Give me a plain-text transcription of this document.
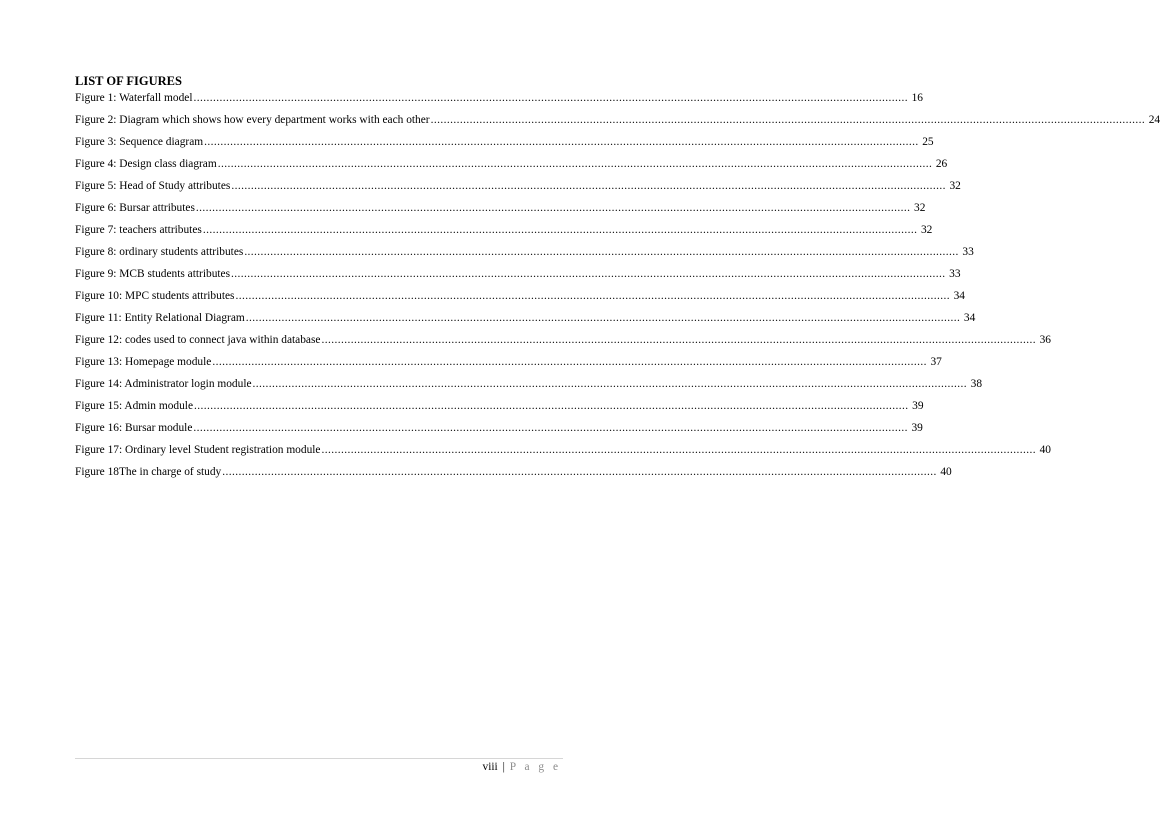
LIST OF FIGURES
Figure 1: Waterfall model ............................................................................................................................................................................................................................ 16
Figure 2: Diagram which shows how every department works with each other ............................................................................................................................................................................................................................ 24
Figure 3: Sequence diagram ............................................................................................................................................................................................................................ 25
Figure 4: Design class diagram ............................................................................................................................................................................................................................ 26
Figure 5: Head of Study attributes ............................................................................................................................................................................................................................ 32
Figure 6: Bursar attributes ............................................................................................................................................................................................................................ 32
Figure 7: teachers attributes ............................................................................................................................................................................................................................ 32
Figure 8: ordinary students attributes ............................................................................................................................................................................................................................ 33
Figure 9: MCB students attributes ............................................................................................................................................................................................................................ 33
Figure 10: MPC students attributes ............................................................................................................................................................................................................................ 34
Figure 11: Entity Relational Diagram ............................................................................................................................................................................................................................ 34
Figure 12: codes used to connect java within database ............................................................................................................................................................................................................................ 36
Figure 13: Homepage module ............................................................................................................................................................................................................................ 37
Figure 14: Administrator login module ............................................................................................................................................................................................................................ 38
Figure 15: Admin module ............................................................................................................................................................................................................................ 39
Figure 16: Bursar module ............................................................................................................................................................................................................................ 39
Figure 17: Ordinary level Student registration module ............................................................................................................................................................................................................................ 40
Figure 18The in charge of study ............................................................................................................................................................................................................................ 40
viii | P a g e
